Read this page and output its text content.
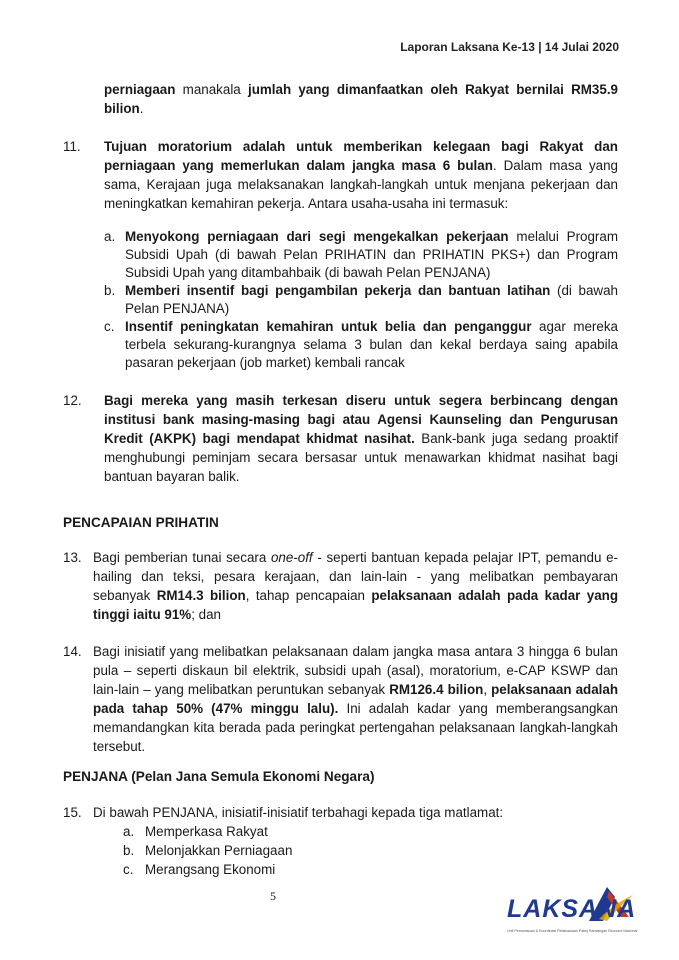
Laporan Laksana Ke-13 | 14 Julai 2020
perniagaan manakala jumlah yang dimanfaatkan oleh Rakyat bernilai RM35.9 bilion.
11. Tujuan moratorium adalah untuk memberikan kelegaan bagi Rakyat dan perniagaan yang memerlukan dalam jangka masa 6 bulan. Dalam masa yang sama, Kerajaan juga melaksanakan langkah-langkah untuk menjana pekerjaan dan meningkatkan kemahiran pekerja. Antara usaha-usaha ini termasuk:
a. Menyokong perniagaan dari segi mengekalkan pekerjaan melalui Program Subsidi Upah (di bawah Pelan PRIHATIN dan PRIHATIN PKS+) dan Program Subsidi Upah yang ditambahbaik (di bawah Pelan PENJANA)
b. Memberi insentif bagi pengambilan pekerja dan bantuan latihan (di bawah Pelan PENJANA)
c. Insentif peningkatan kemahiran untuk belia dan penganggur agar mereka terbela sekurang-kurangnya selama 3 bulan dan kekal berdaya saing apabila pasaran pekerjaan (job market) kembali rancak
12. Bagi mereka yang masih terkesan diseru untuk segera berbincang dengan institusi bank masing-masing bagi atau Agensi Kaunseling dan Pengurusan Kredit (AKPK) bagi mendapat khidmat nasihat. Bank-bank juga sedang proaktif menghubungi peminjam secara bersasar untuk menawarkan khidmat nasihat bagi bantuan bayaran balik.
PENCAPAIAN PRIHATIN
13. Bagi pemberian tunai secara one-off - seperti bantuan kepada pelajar IPT, pemandu e-hailing dan teksi, pesara kerajaan, dan lain-lain - yang melibatkan pembayaran sebanyak RM14.3 bilion, tahap pencapaian pelaksanaan adalah pada kadar yang tinggi iaitu 91%; dan
14. Bagi inisiatif yang melibatkan pelaksanaan dalam jangka masa antara 3 hingga 6 bulan pula – seperti diskaun bil elektrik, subsidi upah (asal), moratorium, e-CAP KSWP dan lain-lain – yang melibatkan peruntukan sebanyak RM126.4 bilion, pelaksanaan adalah pada tahap 50% (47% minggu lalu). Ini adalah kadar yang memberangsangkan memandangkan kita berada pada peringkat pertengahan pelaksanaan langkah-langkah tersebut.
PENJANA (Pelan Jana Semula Ekonomi Negara)
15. Di bawah PENJANA, inisiatif-inisiatif terbahagi kepada tiga matlamat:
a. Memperkasa Rakyat
b. Melonjakkan Perniagaan
c. Merangsang Ekonomi
5	LAKSANA
Unit Pemantauan & Koordinasi Pelaksanaan Pakej Ransangan Ekonomi Nasional
